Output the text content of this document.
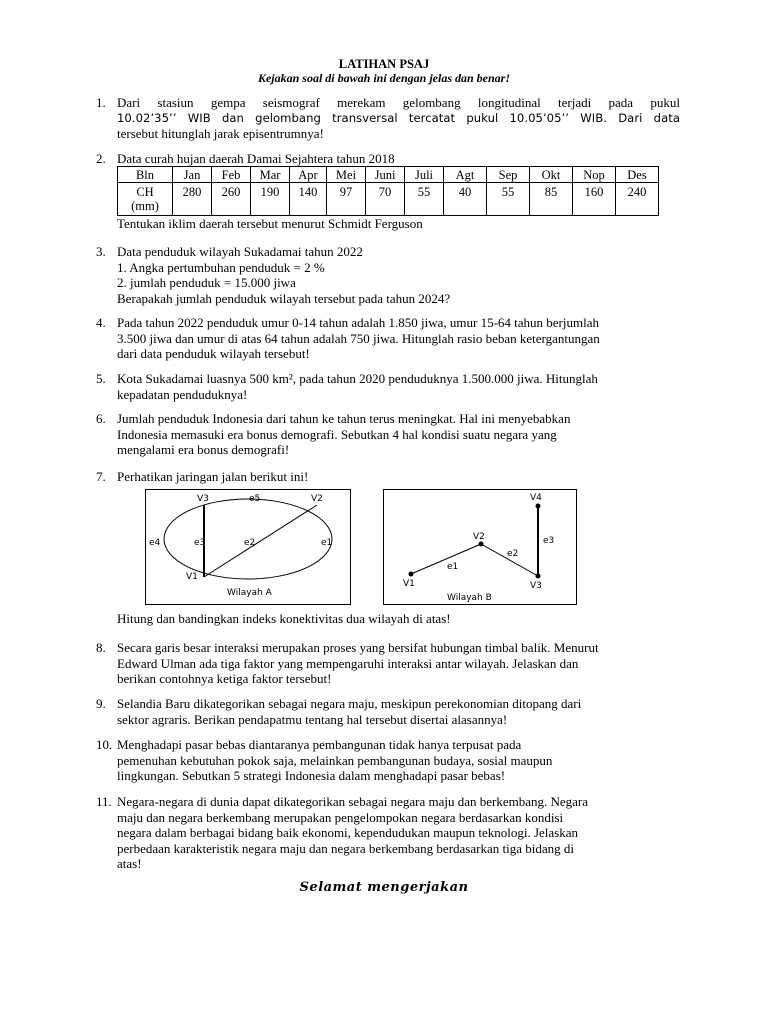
LATIHAN PSAJ
Kejakan soal di bawah ini dengan jelas dan benar!
1. Dari stasiun gempa seismograf merekam gelombang longitudinal terjadi pada pukul
10.02’35’’ WIB dan gelombang transversal tercatat pukul 10.05’05’’ WIB. Dari data
tersebut hitunglah jarak episentrumnya!
2. Data curah hujan daerah Damai Sejahtera tahun 2018
Bln	Jan	Feb	Mar	Apr	Mei	Juni	Juli	Agt	Sep	Okt	Nop	Des
CH
(mm)	280	260	190	140	97	70	55	40	55	85	160	240
Tentukan iklim daerah tersebut menurut Schmidt Ferguson
3. Data penduduk wilayah Sukadamai tahun 2022
1. Angka pertumbuhan penduduk = 2 %
2. jumlah penduduk = 15.000 jiwa
Berapakah jumlah penduduk wilayah tersebut pada tahun 2024?
4. Pada tahun 2022 penduduk umur 0-14 tahun adalah 1.850 jiwa, umur 15-64 tahun berjumlah
3.500 jiwa dan umur di atas 64 tahun adalah 750 jiwa. Hitunglah rasio beban ketergantungan
dari data penduduk wilayah tersebut!
5. Kota Sukadamai luasnya 500 km², pada tahun 2020 penduduknya 1.500.000 jiwa. Hitunglah
kepadatan penduduknya!
6. Jumlah penduduk Indonesia dari tahun ke tahun terus meningkat. Hal ini menyebabkan
Indonesia memasuki era bonus demografi. Sebutkan 4 hal kondisi suatu negara yang
mengalami era bonus demografi!
7. Perhatikan jaringan jalan berikut ini!
V3	V2
V1
e5
e4	e3	e2	e1
Wilayah A
V4
V2
V1	V3
e3
e2
e1
Wilayah B
Hitung dan bandingkan indeks konektivitas dua wilayah di atas!
8. Secara garis besar interaksi merupakan proses yang bersifat hubungan timbal balik. Menurut
Edward Ulman ada tiga faktor yang mempengaruhi interaksi antar wilayah. Jelaskan dan
berikan contohnya ketiga faktor tersebut!
9. Selandia Baru dikategorikan sebagai negara maju, meskipun perekonomian ditopang dari
sektor agraris. Berikan pendapatmu tentang hal tersebut disertai alasannya!
10. Menghadapi pasar bebas diantaranya pembangunan tidak hanya terpusat pada
pemenuhan kebutuhan pokok saja, melainkan pembangunan budaya, sosial maupun
lingkungan. Sebutkan 5 strategi Indonesia dalam menghadapi pasar bebas!
11. Negara-negara di dunia dapat dikategorikan sebagai negara maju dan berkembang. Negara
maju dan negara berkembang merupakan pengelompokan negara berdasarkan kondisi
negara dalam berbagai bidang baik ekonomi, kependudukan maupun teknologi. Jelaskan
perbedaan karakteristik negara maju dan negara berkembang berdasarkan tiga bidang di
atas!
Selamat mengerjakan
